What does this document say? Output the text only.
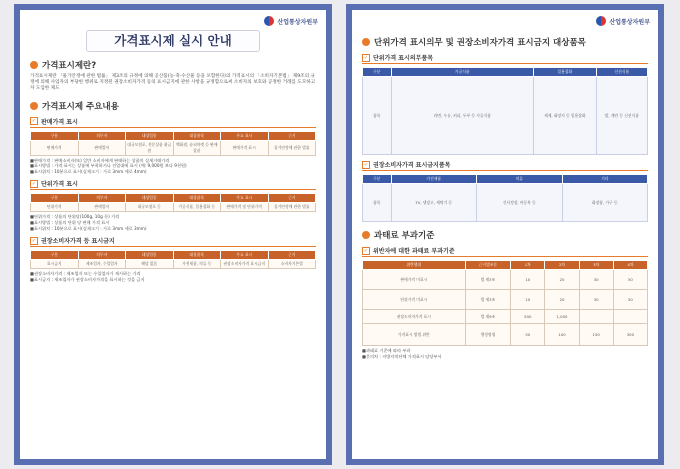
산업통상자원부
가격표시제 실시 안내
가격표시제란?
가격표시제란 「물가안정에 관한 법률」 제3조의 규정에 의해 공산품(농·축·수산물 등을 포함한다)의 가격표시의 「소비자기본법」 제9조의 규정에 의해 사업자의 부당한 행위로 지정된 권장소비자가격 등의 표시금지에 관한 사항을 규정함으로써 소비자의 보호와 공정한 거래를 도모하고자 도입한 제도
가격표시제 주요내용
✓ 판매가격 표시
구분	의무자	대상업종	대상품목	주요 표시	근거
판매가격	판매업자	대규모점포, 전문상품 취급점	백화점, 슈퍼마켓 등 판매 상품	판매가격 표시	물가안정에 관한 법률
■ 판매가격 : 판매소비자(또) 일반 소비자에게 판매하는 상품의 실제거래가격
■ 표시방법 : 가격 표시는 상품에 부착하거나 진열대에 표시 (예: 9,000원 보다 9천원)
■ 표시위치 : 10분으로 표시(실제크기 : 가로 3mm 세로 4mm)
✓ 단위가격 표시
구분	의무자	대상업종	대상품목	주요 표시	근거
단위가격	판매업자	대규모점포 등	가공식품, 일용잡화 등	판매가격 및 단위가격	물가안정에 관한 법률
■ 단위가격 : 상품의 단위당(100g, 10g 등) 가격
■ 표시방법 : 상품의 단위 당 판매 가격 표시
■ 표시위치 : 10분으로 표시(실제크기 : 가로 3mm 세로 3mm)
✓ 권장소비자가격 등 표시금지
구분	의무자	대상업종	대상품목	주요 표시	근거
표시금지	제조업자, 수입업자	해당 없음	가전제품, 의류 등	권장소비자가격 표시금지	소비자기본법
■ 권장소비자가격 : 제조업자 또는 수입업자가 제시하는 가격
■ 표시금지 : 제조업자가 권장소비자가격을 표시하는 것을 금지
산업통상자원부
단위가격 표시의무 및 권장소비자가격 표시금지 대상품목
✓ 단위가격 표시의무품목
구분	가공식품	일용잡화	신선식품
품목	라면, 우유, 커피, 두부 등 가공식품	세제, 화장지 등 일용잡화	쌀, 계란 등 신선식품
✓ 권장소비자가격 표시금지품목
구분	가전제품	의류	기타
품목	TV, 냉장고, 세탁기 등	신사정장, 아동복 등	화장품, 가구 등
과태료 부과기준
✓ 위반자에 대한 과태료 부과기준
위반행위	근거법조문	1차	2차	3차	4차
판매가격 미표시	법 제3조	10	20	30	50
단위가격 미표시	법 제3조	10	20	30	50
권장소비자가격 표시	법 제9조	500	1,000		
가격표시 방법 위반	행정명령	50	100	150	300
■ 과태료 기준에 따라 부과
■ 문의처 : 지방자치단체 가격표시 담당부서
